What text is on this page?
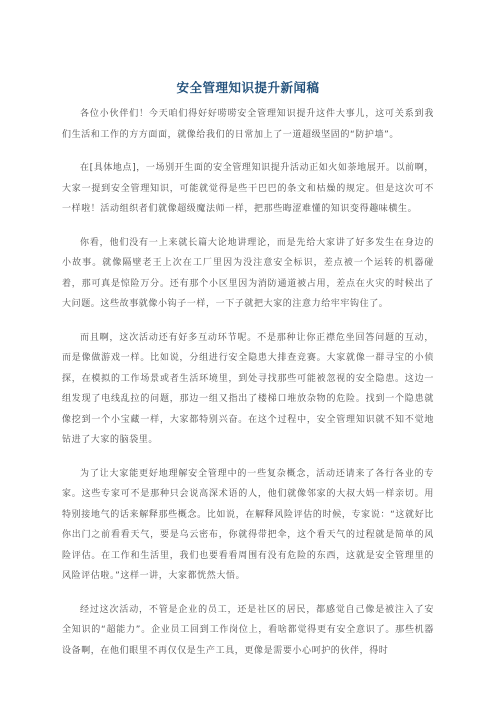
安全管理知识提升新闻稿

各位小伙伴们！今天咱们得好好唠唠安全管理知识提升这件大事儿，这可关系到我们生活和工作的方方面面，就像给我们的日常加上了一道超级坚固的“防护墙”。

在[具体地点]，一场别开生面的安全管理知识提升活动正如火如荼地展开。以前啊，大家一提到安全管理知识，可能就觉得是些干巴巴的条文和枯燥的规定。但是这次可不一样啦！活动组织者们就像超级魔法师一样，把那些晦涩难懂的知识变得趣味横生。

你看，他们没有一上来就长篇大论地讲理论，而是先给大家讲了好多发生在身边的小故事。就像隔壁老王上次在工厂里因为没注意安全标识，差点被一个运转的机器碰着，那可真是惊险万分。还有那个小区里因为消防通道被占用，差点在火灾的时候出了大问题。这些故事就像小钩子一样，一下子就把大家的注意力给牢牢钩住了。

而且啊，这次活动还有好多互动环节呢。不是那种让你正襟危坐回答问题的互动，而是像做游戏一样。比如说，分组进行安全隐患大排查竞赛。大家就像一群寻宝的小侦探，在模拟的工作场景或者生活环境里，到处寻找那些可能被忽视的安全隐患。这边一组发现了电线乱拉的问题，那边一组又指出了楼梯口堆放杂物的危险。找到一个隐患就像挖到一个小宝藏一样，大家都特别兴奋。在这个过程中，安全管理知识就不知不觉地钻进了大家的脑袋里。

为了让大家能更好地理解安全管理中的一些复杂概念，活动还请来了各行各业的专家。这些专家可不是那种只会说高深术语的人，他们就像邻家的大叔大妈一样亲切。用特别接地气的话来解释那些概念。比如说，在解释风险评估的时候，专家说：“这就好比你出门之前看看天气，要是乌云密布，你就得带把伞，这个看天气的过程就是简单的风险评估。在工作和生活里，我们也要看看周围有没有危险的东西，这就是安全管理里的风险评估啦。”这样一讲，大家都恍然大悟。

经过这次活动，不管是企业的员工，还是社区的居民，都感觉自己像是被注入了安全知识的“超能力”。企业员工回到工作岗位上，看啥都觉得更有安全意识了。那些机器设备啊，在他们眼里不再仅仅是生产工具，更像是需要小心呵护的伙伴，得时
